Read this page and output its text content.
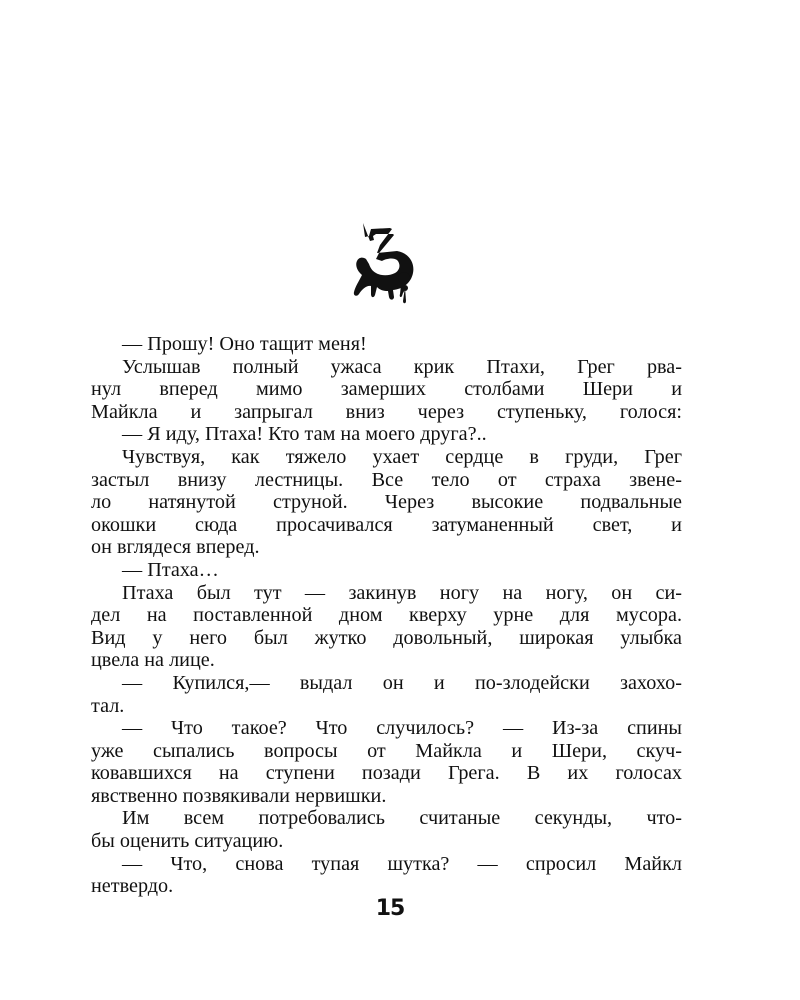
— Прошу! Оно тащит меня!
Услышав полный ужаса крик Птахи, Грег рва-
нул вперед мимо замерших столбами Шери и
Майкла и запрыгал вниз через ступеньку, голося:
— Я иду, Птаха! Кто там на моего друга?..
Чувствуя, как тяжело ухает сердце в груди, Грег
застыл внизу лестницы. Все тело от страха звене-
ло натянутой струной. Через высокие подвальные
окошки сюда просачивался затуманенный свет, и
он вглядеся вперед.
— Птаха…
Птаха был тут — закинув ногу на ногу, он си-
дел на поставленной дном кверху урне для мусора.
Вид у него был жутко довольный, широкая улыбка
цвела на лице.
— Купился,— выдал он и по-злодейски захохо-
тал.
— Что такое? Что случилось? — Из-за спины
уже сыпались вопросы от Майкла и Шери, скуч-
ковавшихся на ступени позади Грега. В их голосах
явственно позвякивали нервишки.
Им всем потребовались считаные секунды, что-
бы оценить ситуацию.
— Что, снова тупая шутка? — спросил Майкл
нетвердо.
15
